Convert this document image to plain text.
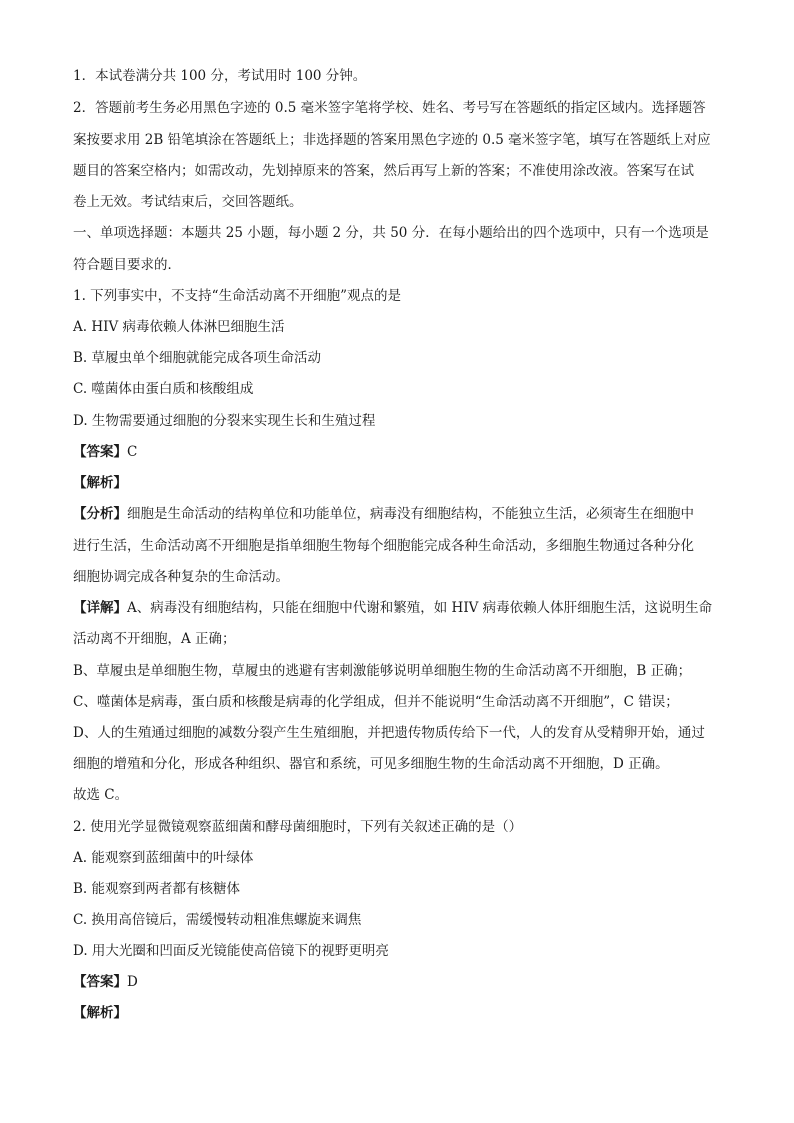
1．本试卷满分共 100 分，考试用时 100 分钟。
2．答题前考生务必用黑色字迹的 0.5 毫米签字笔将学校、姓名、考号写在答题纸的指定区域内。选择题答
案按要求用 2B 铅笔填涂在答题纸上；非选择题的答案用黑色字迹的 0.5 毫米签字笔，填写在答题纸上对应
题目的答案空格内；如需改动，先划掉原来的答案，然后再写上新的答案；不准使用涂改液。答案写在试
卷上无效。考试结束后，交回答题纸。
一、单项选择题：本题共 25 小题，每小题 2 分，共 50 分．在每小题给出的四个选项中，只有一个选项是
符合题目要求的．
1. 下列事实中，不支持“生命活动离不开细胞”观点的是
A. HIV 病毒依赖人体淋巴细胞生活
B. 草履虫单个细胞就能完成各项生命活动
C. 噬菌体由蛋白质和核酸组成
D. 生物需要通过细胞的分裂来实现生长和生殖过程
【答案】C
【解析】
【分析】细胞是生命活动的结构单位和功能单位，病毒没有细胞结构，不能独立生活，必须寄生在细胞中
进行生活，生命活动离不开细胞是指单细胞生物每个细胞能完成各种生命活动，多细胞生物通过各种分化
细胞协调完成各种复杂的生命活动。
【详解】A、病毒没有细胞结构，只能在细胞中代谢和繁殖，如 HIV 病毒依赖人体肝细胞生活，这说明生命
活动离不开细胞，A 正确；
B、草履虫是单细胞生物，草履虫的逃避有害刺激能够说明单细胞生物的生命活动离不开细胞，B 正确；
C、噬菌体是病毒，蛋白质和核酸是病毒的化学组成，但并不能说明“生命活动离不开细胞”，C 错误；
D、人的生殖通过细胞的减数分裂产生生殖细胞，并把遗传物质传给下一代，人的发育从受精卵开始，通过
细胞的增殖和分化，形成各种组织、器官和系统，可见多细胞生物的生命活动离不开细胞，D 正确。
故选 C。
2. 使用光学显微镜观察蓝细菌和酵母菌细胞时，下列有关叙述正确的是（）
A. 能观察到蓝细菌中的叶绿体
B. 能观察到两者都有核糖体
C. 换用高倍镜后，需缓慢转动粗准焦螺旋来调焦
D. 用大光圈和凹面反光镜能使高倍镜下的视野更明亮
【答案】D
【解析】
